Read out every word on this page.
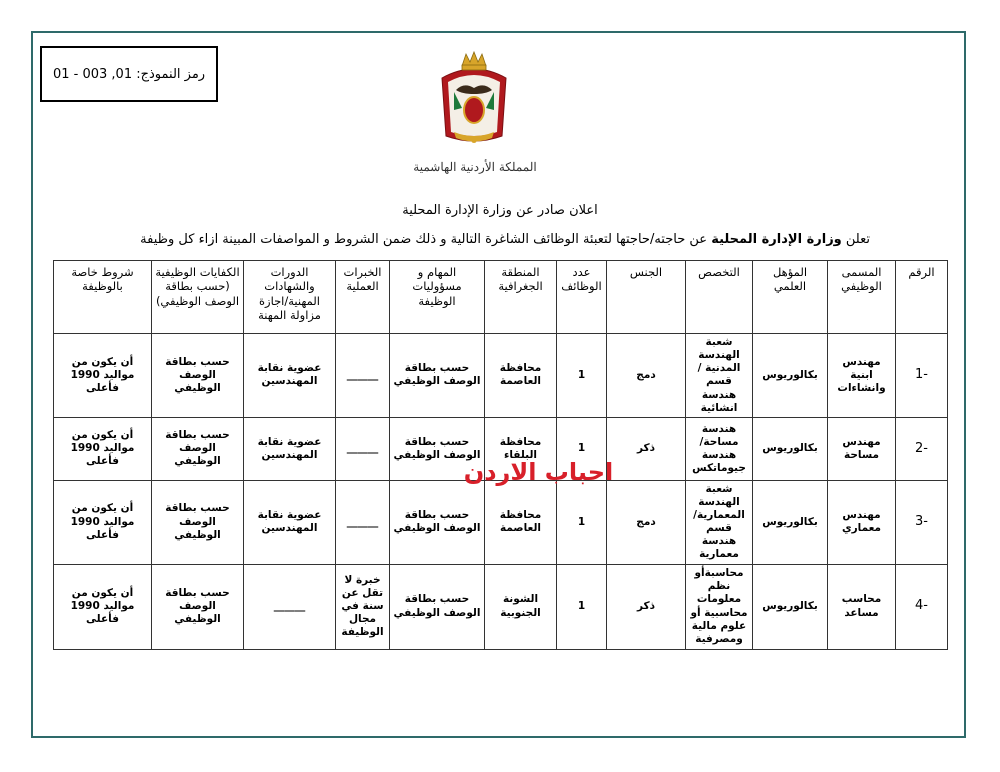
رمز النموذج: 01, 003 - 01
المملكة الأردنية الهاشمية
اعلان صادر عن وزارة الإدارة المحلية
تعلن وزارة الإدارة المحلية عن حاجته/حاجتها لتعبئة الوظائف الشاغرة التالية و ذلك ضمن الشروط و المواصفات المبينة ازاء كل وظيفة
الرقم	المسمى الوظيفي	المؤهل العلمي	التخصص	الجنس	عدد الوظائف	المنطقة الجغرافية	المهام و مسؤوليات الوظيفة	الخبرات العملية	الدورات والشهادات المهنية/اجازة مزاولة المهنة	الكفايات الوظيفية (حسب بطاقة الوصف الوظيفي)	شروط خاصة بالوظيفة
-1	مهندس ابنية وانشاءات	بكالوريوس	شعبة الهندسة المدنية /قسم هندسة انشائية	دمج	1	محافظة العاصمة	حسب بطاقة الوصف الوظيفي	______	عضوية نقابة المهندسين	حسب بطاقة الوصف الوظيفي	أن يكون من مواليد 1990 فأعلى
-2	مهندس مساحة	بكالوريوس	هندسة مساحة/ هندسة جيوماتكس	ذكر	1	محافظة البلقاء	حسب بطاقة الوصف الوظيفي	______	عضوية نقابة المهندسين	حسب بطاقة الوصف الوظيفي	أن يكون من مواليد 1990 فأعلى
-3	مهندس معماري	بكالوريوس	شعبة الهندسة المعمارية/ قسم هندسة معمارية	دمج	1	محافظة العاصمة	حسب بطاقة الوصف الوظيفي	______	عضوية نقابة المهندسين	حسب بطاقة الوصف الوظيفي	أن يكون من مواليد 1990 فأعلى
-4	محاسب مساعد	بكالوريوس	محاسبةأو نظم معلومات محاسبية أو علوم مالية ومصرفية	ذكر	1	الشونة الجنوبية	حسب بطاقة الوصف الوظيفي	خبرة لا تقل عن سنة في مجال الوظيفة	______	حسب بطاقة الوصف الوظيفي	أن يكون من مواليد 1990 فأعلى
احباب الاردن
